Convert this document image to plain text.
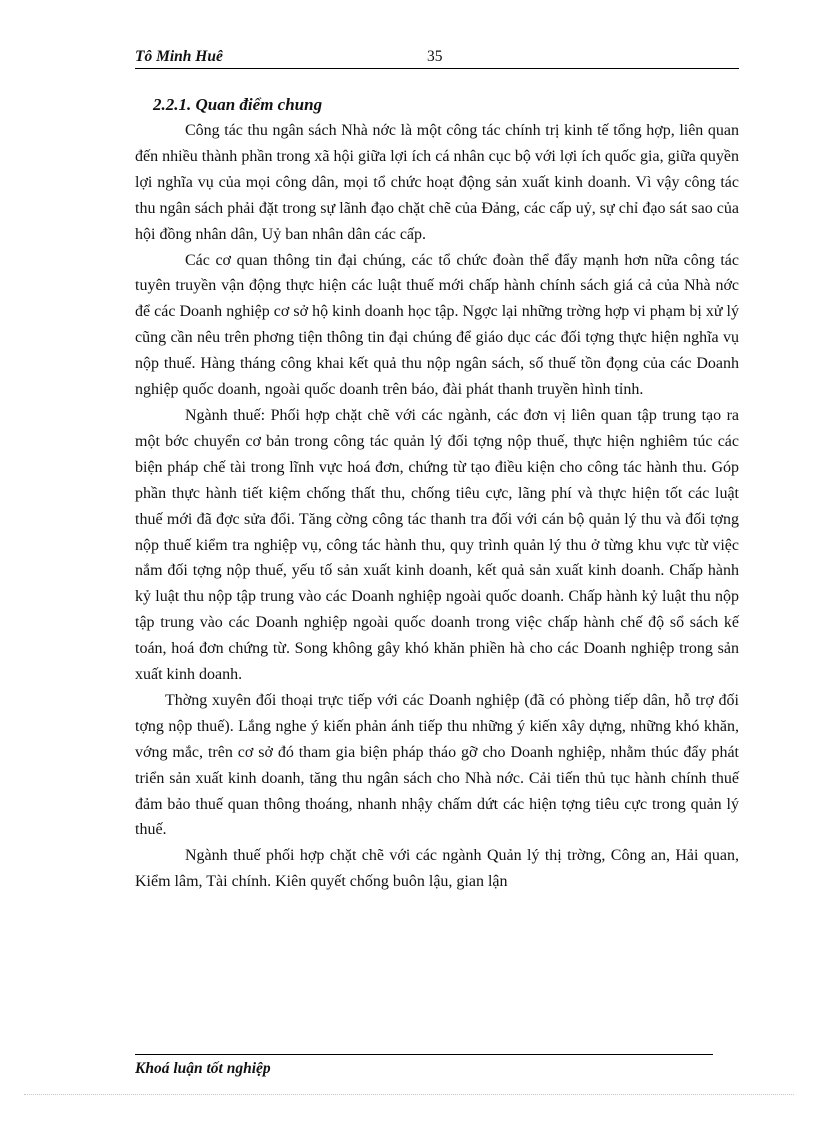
Tô Minh Huê	35

2.2.1. Quan điểm chung

Công tác thu ngân sách Nhà nớc là một công tác chính trị kinh tế tổng hợp, liên quan đến nhiều thành phần trong xã hội giữa lợi ích cá nhân cục bộ với lợi ích quốc gia, giữa quyền lợi nghĩa vụ của mọi công dân, mọi tổ chức hoạt động sản xuất kinh doanh. Vì vậy công tác thu ngân sách phải đặt trong sự lãnh đạo chặt chẽ của Đảng, các cấp uỷ, sự chỉ đạo sát sao của hội đồng nhân dân, Uỷ ban nhân dân các cấp.

Các cơ quan thông tin đại chúng, các tổ chức đoàn thể đẩy mạnh hơn nữa công tác tuyên truyền vận động thực hiện các luật thuế mới chấp hành chính sách giá cả của Nhà nớc để các Doanh nghiệp cơ sở hộ kinh doanh học tập. Ngợc lại những trờng hợp vi phạm bị xử lý cũng cần nêu trên phơng tiện thông tin đại chúng để giáo dục các đối tợng thực hiện nghĩa vụ nộp thuế. Hàng tháng công khai kết quả thu nộp ngân sách, số thuế tồn đọng của các Doanh nghiệp quốc doanh, ngoài quốc doanh trên báo, đài phát thanh truyền hình tỉnh.

Ngành thuế: Phối hợp chặt chẽ với các ngành, các đơn vị liên quan tập trung tạo ra một bớc chuyển cơ bản trong công tác quản lý đối tợng nộp thuế, thực hiện nghiêm túc các biện pháp chế tài trong lĩnh vực hoá đơn, chứng từ tạo điều kiện cho công tác hành thu. Góp phần thực hành tiết kiệm chống thất thu, chống tiêu cực, lãng phí và thực hiện tốt các luật thuế mới đã đợc sửa đổi. Tăng cờng công tác thanh tra đối với cán bộ quản lý thu và đối tợng nộp thuế kiểm tra nghiệp vụ, công tác hành thu, quy trình quản lý thu ở từng khu vực từ việc nắm đối tợng nộp thuế, yếu tố sản xuất kinh doanh, kết quả sản xuất kinh doanh. Chấp hành kỷ luật thu nộp tập trung vào các Doanh nghiệp ngoài quốc doanh. Chấp hành kỷ luật thu nộp tập trung vào các Doanh nghiệp ngoài quốc doanh trong việc chấp hành chế độ sổ sách kế toán, hoá đơn chứng từ. Song không gây khó khăn phiền hà cho các Doanh nghiệp trong sản xuất kinh doanh.

Thờng xuyên đối thoại trực tiếp với các Doanh nghiệp (đã có phòng tiếp dân, hỗ trợ đối tợng nộp thuế). Lắng nghe ý kiến phản ánh tiếp thu những ý kiến xây dựng, những khó khăn, vớng mắc, trên cơ sở đó tham gia biện pháp tháo gỡ cho Doanh nghiệp, nhằm thúc đẩy phát triển sản xuất kinh doanh, tăng thu ngân sách cho Nhà nớc. Cải tiến thủ tục hành chính thuế đảm bảo thuế quan thông thoáng, nhanh nhậy chấm dứt các hiện tợng tiêu cực trong quản lý thuế.

Ngành thuế phối hợp chặt chẽ với các ngành Quản lý thị trờng, Công an, Hải quan, Kiểm lâm, Tài chính. Kiên quyết chống buôn lậu, gian lận

Khoá luận tốt nghiệp
